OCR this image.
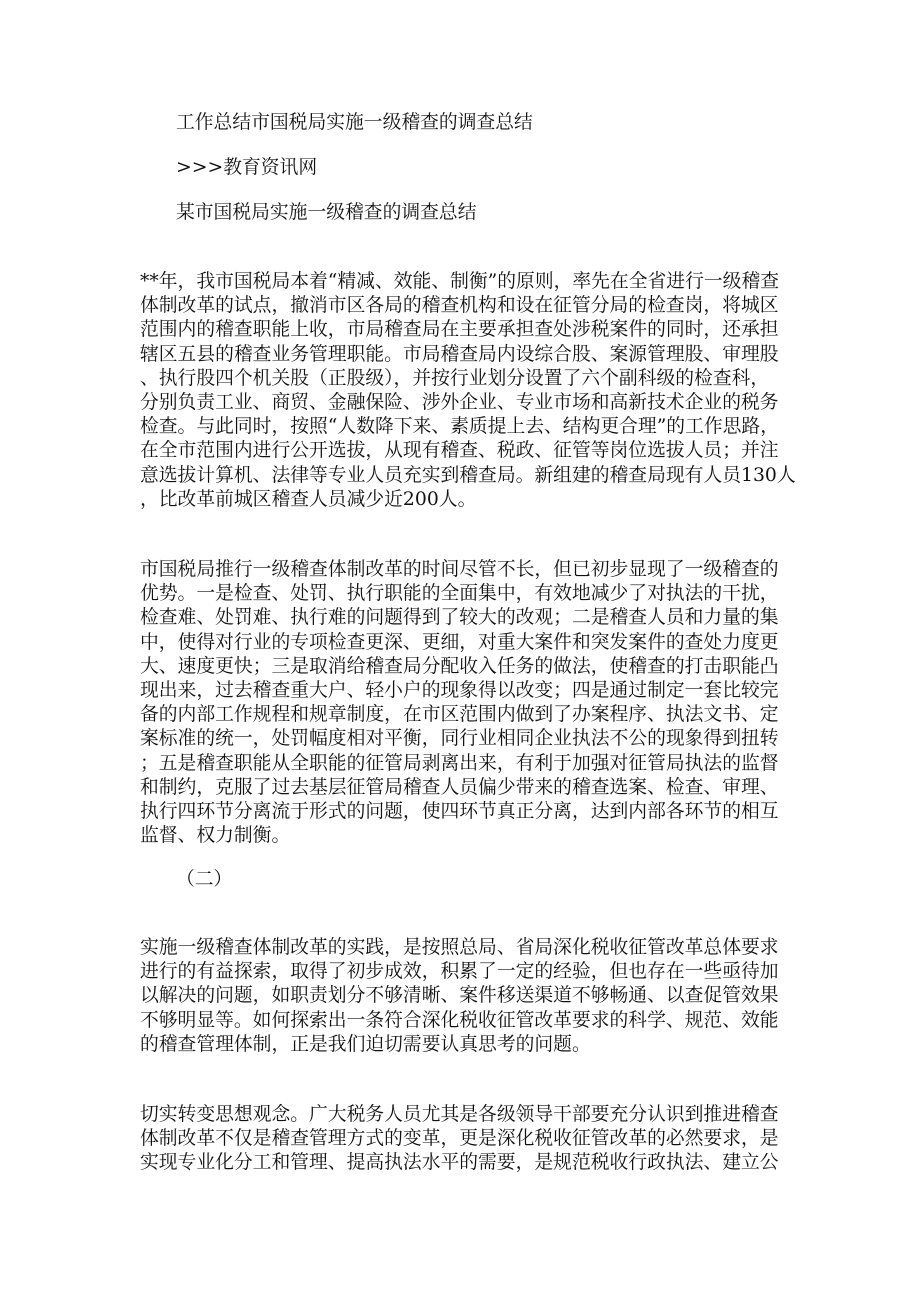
工作总结市国税局实施一级稽查的调查总结
>>>教育资讯网
某市国税局实施一级稽查的调查总结
**年，我市国税局本着“精减、效能、制衡”的原则，率先在全省进行一级稽查
体制改革的试点，撤消市区各局的稽查机构和设在征管分局的检查岗，将城区
范围内的稽查职能上收，市局稽查局在主要承担查处涉税案件的同时，还承担
辖区五县的稽查业务管理职能。市局稽查局内设综合股、案源管理股、审理股
、执行股四个机关股（正股级），并按行业划分设置了六个副科级的检查科，
分别负责工业、商贸、金融保险、涉外企业、专业市场和高新技术企业的税务
检查。与此同时，按照“人数降下来、素质提上去、结构更合理”的工作思路，
在全市范围内进行公开选拔，从现有稽查、税政、征管等岗位选拔人员；并注
意选拔计算机、法律等专业人员充实到稽查局。新组建的稽查局现有人员130人
，比改革前城区稽查人员减少近200人。
市国税局推行一级稽查体制改革的时间尽管不长，但已初步显现了一级稽查的
优势。一是检查、处罚、执行职能的全面集中，有效地减少了对执法的干扰，
检查难、处罚难、执行难的问题得到了较大的改观；二是稽查人员和力量的集
中，使得对行业的专项检查更深、更细，对重大案件和突发案件的查处力度更
大、速度更快；三是取消给稽查局分配收入任务的做法，使稽查的打击职能凸
现出来，过去稽查重大户、轻小户的现象得以改变；四是通过制定一套比较完
备的内部工作规程和规章制度，在市区范围内做到了办案程序、执法文书、定
案标准的统一，处罚幅度相对平衡，同行业相同企业执法不公的现象得到扭转
；五是稽查职能从全职能的征管局剥离出来，有利于加强对征管局执法的监督
和制约，克服了过去基层征管局稽查人员偏少带来的稽查选案、检查、审理、
执行四环节分离流于形式的问题，使四环节真正分离，达到内部各环节的相互
监督、权力制衡。
（二）
实施一级稽查体制改革的实践，是按照总局、省局深化税收征管改革总体要求
进行的有益探索，取得了初步成效，积累了一定的经验，但也存在一些亟待加
以解决的问题，如职责划分不够清晰、案件移送渠道不够畅通、以查促管效果
不够明显等。如何探索出一条符合深化税收征管改革要求的科学、规范、效能
的稽查管理体制，正是我们迫切需要认真思考的问题。
切实转变思想观念。广大税务人员尤其是各级领导干部要充分认识到推进稽查
体制改革不仅是稽查管理方式的变革，更是深化税收征管改革的必然要求，是
实现专业化分工和管理、提高执法水平的需要，是规范税收行政执法、建立公
